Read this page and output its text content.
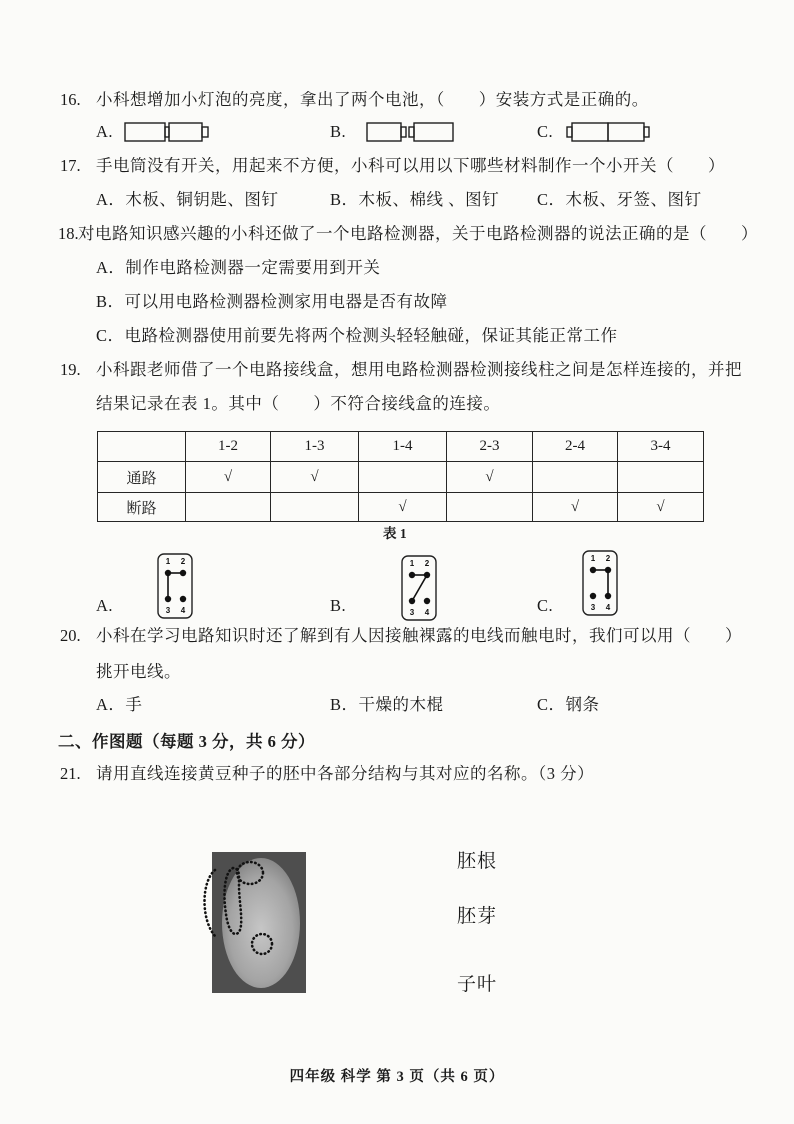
16. 小科想增加小灯泡的亮度，拿出了两个电池，（　　）安装方式是正确的。
A.	B.	C.
17. 手电筒没有开关，用起来不方便，小科可以用以下哪些材料制作一个小开关（　　）
A．木板、铜钥匙、图钉	B．木板、棉线 、图钉 C．木板、牙签、图钉
18. 对电路知识感兴趣的小科还做了一个电路检测器，关于电路检测器的说法正确的是（　　）
A．制作电路检测器一定需要用到开关
B．可以用电路检测器检测家用电器是否有故障
C．电路检测器使用前要先将两个检测头轻轻触碰，保证其能正常工作
19. 小科跟老师借了一个电路接线盒，想用电路检测器检测接线柱之间是怎样连接的，并把
结果记录在表 1。其中（　　）不符合接线盒的连接。
	1-2	1-3	1-4	2-3	2-4	3-4
通路	√	√		√		
断路			√		√	√
表 1
A.
1 2
3 4	B.
1 2
3 4	C.
1 2
3 4
20. 小科在学习电路知识时还了解到有人因接触裸露的电线而触电时，我们可以用（　　）
挑开电线。
A．手	B．干燥的木棍	C．钢条
二、作图题（每题 3 分，共 6 分）
21. 请用直线连接黄豆种子的胚中各部分结构与其对应的名称。（3 分）
胚根
胚芽
子叶
四年级 科学 第 3 页（共 6 页）
